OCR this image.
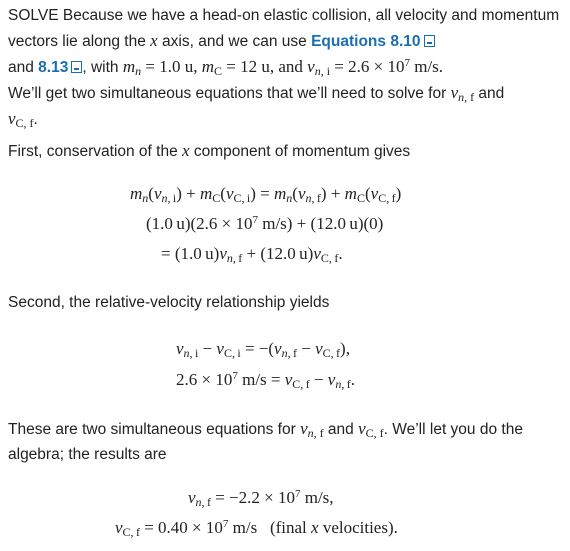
SOLVE Because we have a head-on elastic collision, all velocity and momentum vectors lie along the x axis, and we can use Equations 8.10
and 8.13 , with $m_n = 1.0$ u, $m_C = 12$ u, and $v_{n, i} = 2.6 \times 10^7$ m/s.
We’ll get two simultaneous equations that we’ll need to solve for $v_{n, f}$ and
$v_{C, f}$.

First, conservation of the x component of momentum gives

$m_n(v_{n, i}) + m_C(v_{C, i}) = m_n(v_{n, f}) + m_C(v_{C, f})$
(1.0 $u)(2.6 \times 10^7$ m/s) + (12.0 u)(0)
= (1.0 $u)v_{n, f} + (12.0$ $u)v_{C, f}$.

Second, the relative-velocity relationship yields

$v_{n, i} - v_{C, i} = -(v_{n, f} - v_{C, f})$,
$2.6 \times 10^7$ $m/s = v_{C, f} - v_{n, f}$.

These are two simultaneous equations for $v_{n, f}$ and $v_{C, f}$. We’ll let you do the algebra; the results are

$v_{n, f} = -2.2 \times 10^7$ m/s,
$v_{C, f} = 0.40 \times 10^7$ m/s   (final x velocities).
